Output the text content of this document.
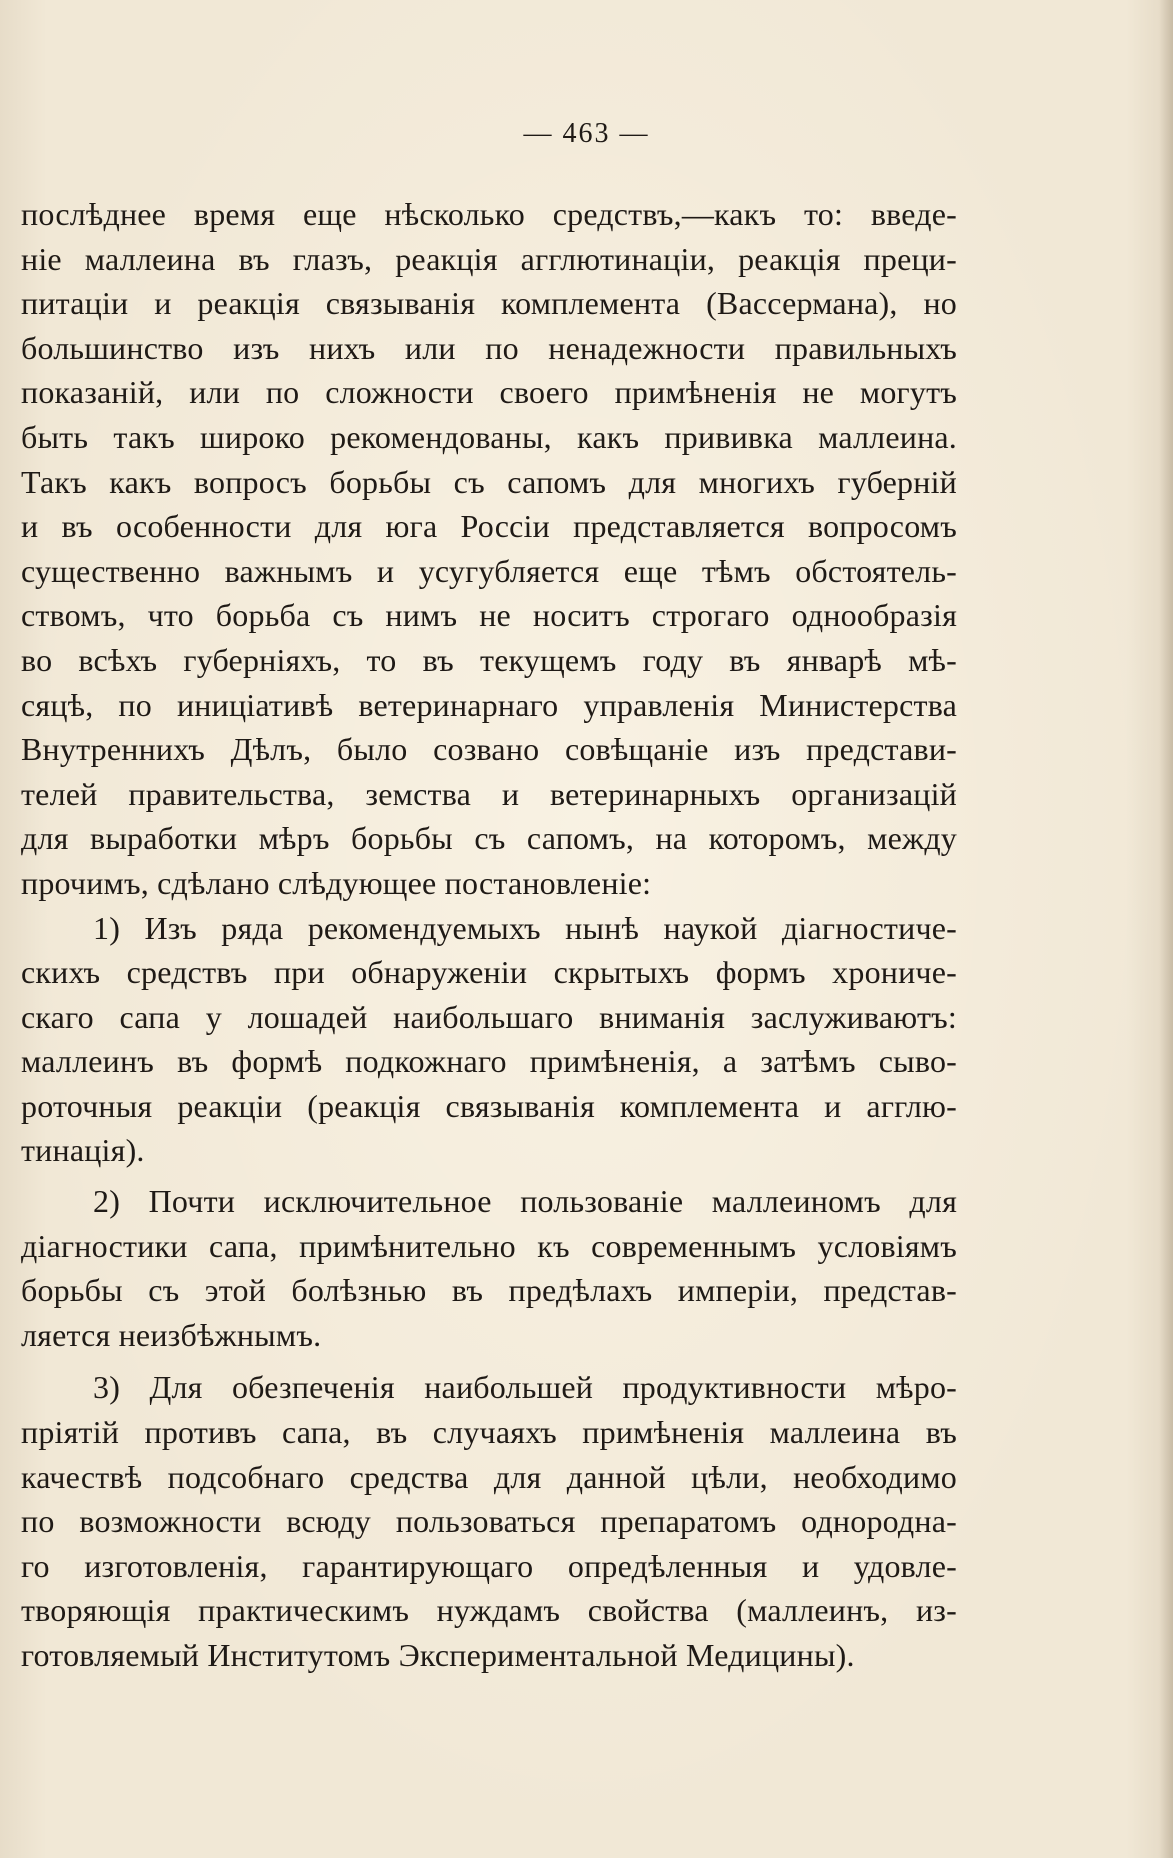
— 463 —
послѣднее время еще нѣсколько средствъ,—какъ то: введе-
ніе маллеина въ глазъ, реакція агглютинаціи, реакція преци-
питаціи и реакція связыванія комплемента (Вассермана), но
большинство изъ нихъ или по ненадежности правильныхъ
показаній, или по сложности своего примѣненія не могутъ
быть такъ широко рекомендованы, какъ прививка маллеина.
Такъ какъ вопросъ борьбы съ сапомъ для многихъ губерній
и въ особенности для юга Россіи представляется вопросомъ
существенно важнымъ и усугубляется еще тѣмъ обстоятель-
ствомъ, что борьба съ нимъ не носитъ строгаго однообразія
во всѣхъ губерніяхъ, то въ текущемъ году въ январѣ мѣ-
сяцѣ, по иниціативѣ ветеринарнаго управленія Министерства
Внутреннихъ Дѣлъ, было созвано совѣщаніе изъ представи-
телей правительства, земства и ветеринарныхъ организацій
для выработки мѣръ борьбы съ сапомъ, на которомъ, между
прочимъ, сдѣлано слѣдующее постановленіе:
1) Изъ ряда рекомендуемыхъ нынѣ наукой діагностиче-
скихъ средствъ при обнаруженіи скрытыхъ формъ хрониче-
скаго сапа у лошадей наибольшаго вниманія заслуживаютъ:
маллеинъ въ формѣ подкожнаго примѣненія, а затѣмъ сыво-
роточныя реакціи (реакція связыванія комплемента и агглю-
тинація).
2) Почти исключительное пользованіе маллеиномъ для
діагностики сапа, примѣнительно къ современнымъ условіямъ
борьбы съ этой болѣзнью въ предѣлахъ имперіи, представ-
ляется неизбѣжнымъ.
3) Для обезпеченія наибольшей продуктивности мѣро-
пріятій противъ сапа, въ случаяхъ примѣненія маллеина въ
качествѣ подсобнаго средства для данной цѣли, необходимо
по возможности всюду пользоваться препаратомъ однородна-
го изготовленія, гарантирующаго опредѣленныя и удовле-
творяющія практическимъ нуждамъ свойства (маллеинъ, из-
готовляемый Институтомъ Экспериментальной Медицины).
